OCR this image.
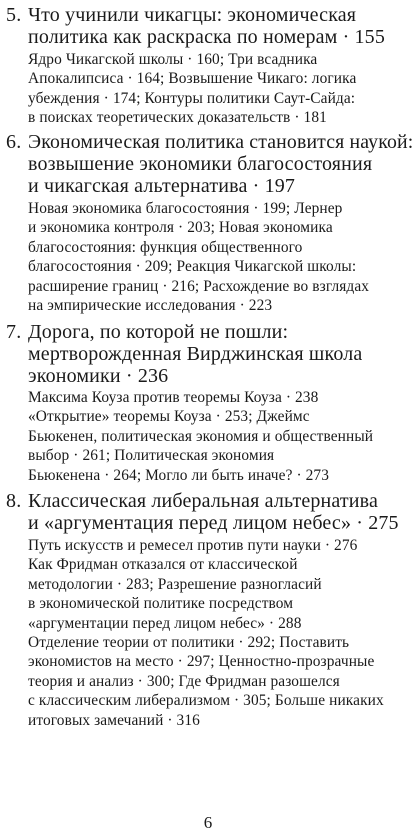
5. Что учинили чикагцы: экономическая
политика как раскраска по номерам · 155
Ядро Чикагской школы · 160; Три всадника
Апокалипсиса · 164; Возвышение Чикаго: логика
убеждения · 174; Контуры политики Саут-Сайда:
в поисках теоретических доказательств · 181
6. Экономическая политика становится наукой:
возвышение экономики благосостояния
и чикагская альтернатива · 197
Новая экономика благосостояния · 199; Лернер
и экономика контроля · 203; Новая экономика
благосостояния: функция общественного
благосостояния · 209; Реакция Чикагской школы:
расширение границ · 216; Расхождение во взглядах
на эмпирические исследования · 223
7. Дорога, по которой не пошли:
мертворожденная Вирджинская школа
экономики · 236
Максима Коузa против теоремы Коуза · 238
«Открытие» теоремы Коуза · 253; Джеймс
Бьюкенен, политическая экономия и общественный
выбор · 261; Политическая экономия
Бьюкенена · 264; Могло ли быть иначе? · 273
8. Классическая либеральная альтернатива
и «аргументация перед лицом небес» · 275
Путь искусств и ремесел против пути науки · 276
Как Фридман отказался от классической
методологии · 283; Разрешение разногласий
в экономической политике посредством
«аргументации перед лицом небес» · 288
Отделение теории от политики · 292; Поставить
экономистов на место · 297; Ценностно-прозрачные
теория и анализ · 300; Где Фридман разошелся
с классическим либерализмом · 305; Больше никаких
итоговых замечаний · 316
6
